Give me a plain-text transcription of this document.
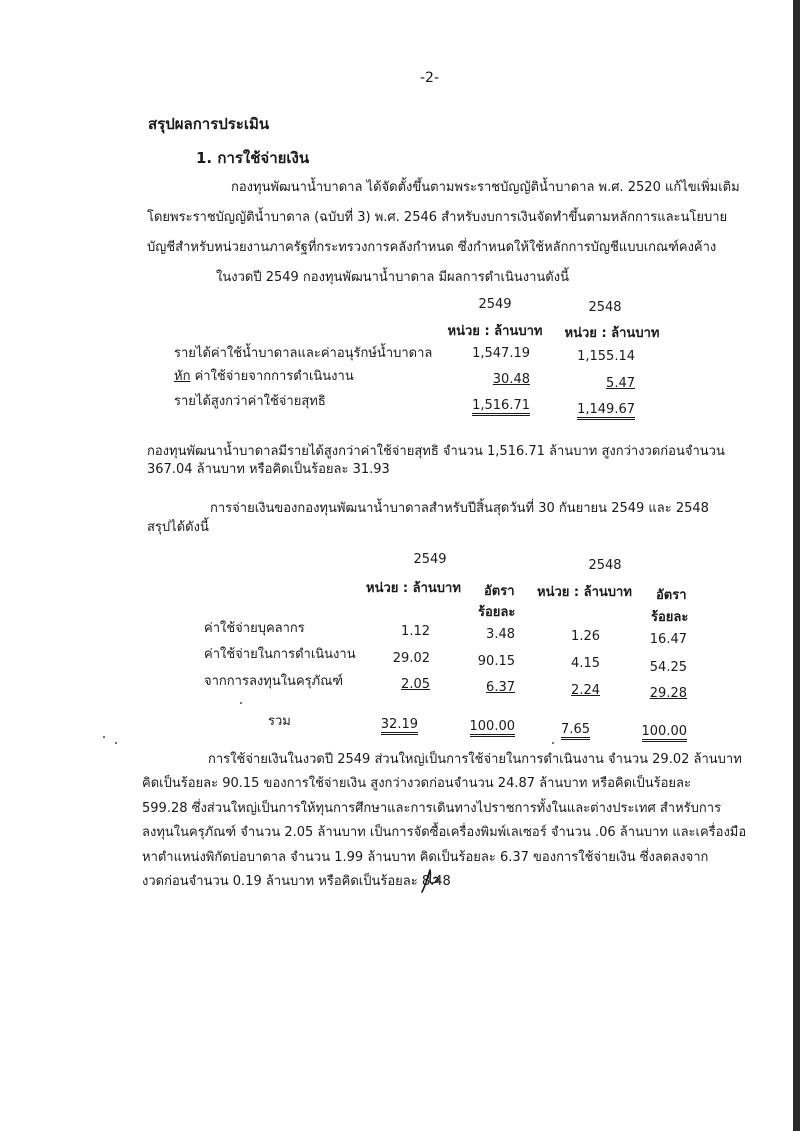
-2-
สรุปผลการประเมิน
1. การใช้จ่ายเงิน
กองทุนพัฒนาน้ำบาดาล ได้จัดตั้งขึ้นตามพระราชบัญญัติน้ำบาดาล พ.ศ. 2520 แก้ไขเพิ่มเติม
โดยพระราชบัญญัติน้ำบาดาล (ฉบับที่ 3) พ.ศ. 2546 สำหรับงบการเงินจัดทำขึ้นตามหลักการและนโยบาย
บัญชีสำหรับหน่วยงานภาครัฐที่กระทรวงการคลังกำหนด ซึ่งกำหนดให้ใช้หลักการบัญชีแบบเกณฑ์คงค้าง
ในงวดปี 2549 กองทุนพัฒนาน้ำบาดาล มีผลการดำเนินงานดังนี้
2549	2548
หน่วย : ล้านบาท	หน่วย : ล้านบาท
รายได้ค่าใช้น้ำบาดาลและค่าอนุรักษ์น้ำบาดาล	1,547.19	1,155.14
หัก ค่าใช้จ่ายจากการดำเนินงาน	30.48	5.47
รายได้สูงกว่าค่าใช้จ่ายสุทธิ	1,516.71	1,149.67
กองทุนพัฒนาน้ำบาดาลมีรายได้สูงกว่าค่าใช้จ่ายสุทธิ จำนวน 1,516.71 ล้านบาท สูงกว่างวดก่อนจำนวน
367.04 ล้านบาท หรือคิดเป็นร้อยละ 31.93
การจ่ายเงินของกองทุนพัฒนาน้ำบาดาลสำหรับปีสิ้นสุดวันที่ 30 กันยายน 2549 และ 2548
สรุปได้ดังนี้
2549	2548
หน่วย : ล้านบาท อัตรา หน่วย : ล้านบาท อัตรา
ร้อยละ	ร้อยละ
ค่าใช้จ่ายบุคลากร	1.12	3.48	1.26	16.47
ค่าใช้จ่ายในการดำเนินงาน	29.02	90.15	4.15	54.25
จากการลงทุนในครุภัณฑ์	2.05	6.37	2.24	29.28
รวม	32.19	100.00	7.65	100.00
การใช้จ่ายเงินในงวดปี 2549 ส่วนใหญ่เป็นการใช้จ่ายในการดำเนินงาน จำนวน 29.02 ล้านบาท
คิดเป็นร้อยละ 90.15 ของการใช้จ่ายเงิน สูงกว่างวดก่อนจำนวน 24.87 ล้านบาท หรือคิดเป็นร้อยละ
599.28 ซึ่งส่วนใหญ่เป็นการให้ทุนการศึกษาและการเดินทางไปราชการทั้งในและต่างประเทศ สำหรับการ
ลงทุนในครุภัณฑ์ จำนวน 2.05 ล้านบาท เป็นการจัดซื้อเครื่องพิมพ์เลเซอร์ จำนวน .06 ล้านบาท และเครื่องมือ
หาตำแหน่งพิกัดบ่อบาดาล จำนวน 1.99 ล้านบาท คิดเป็นร้อยละ 6.37 ของการใช้จ่ายเงิน ซึ่งลดลงจาก
งวดก่อนจำนวน 0.19 ล้านบาท หรือคิดเป็นร้อยละ 8.48
